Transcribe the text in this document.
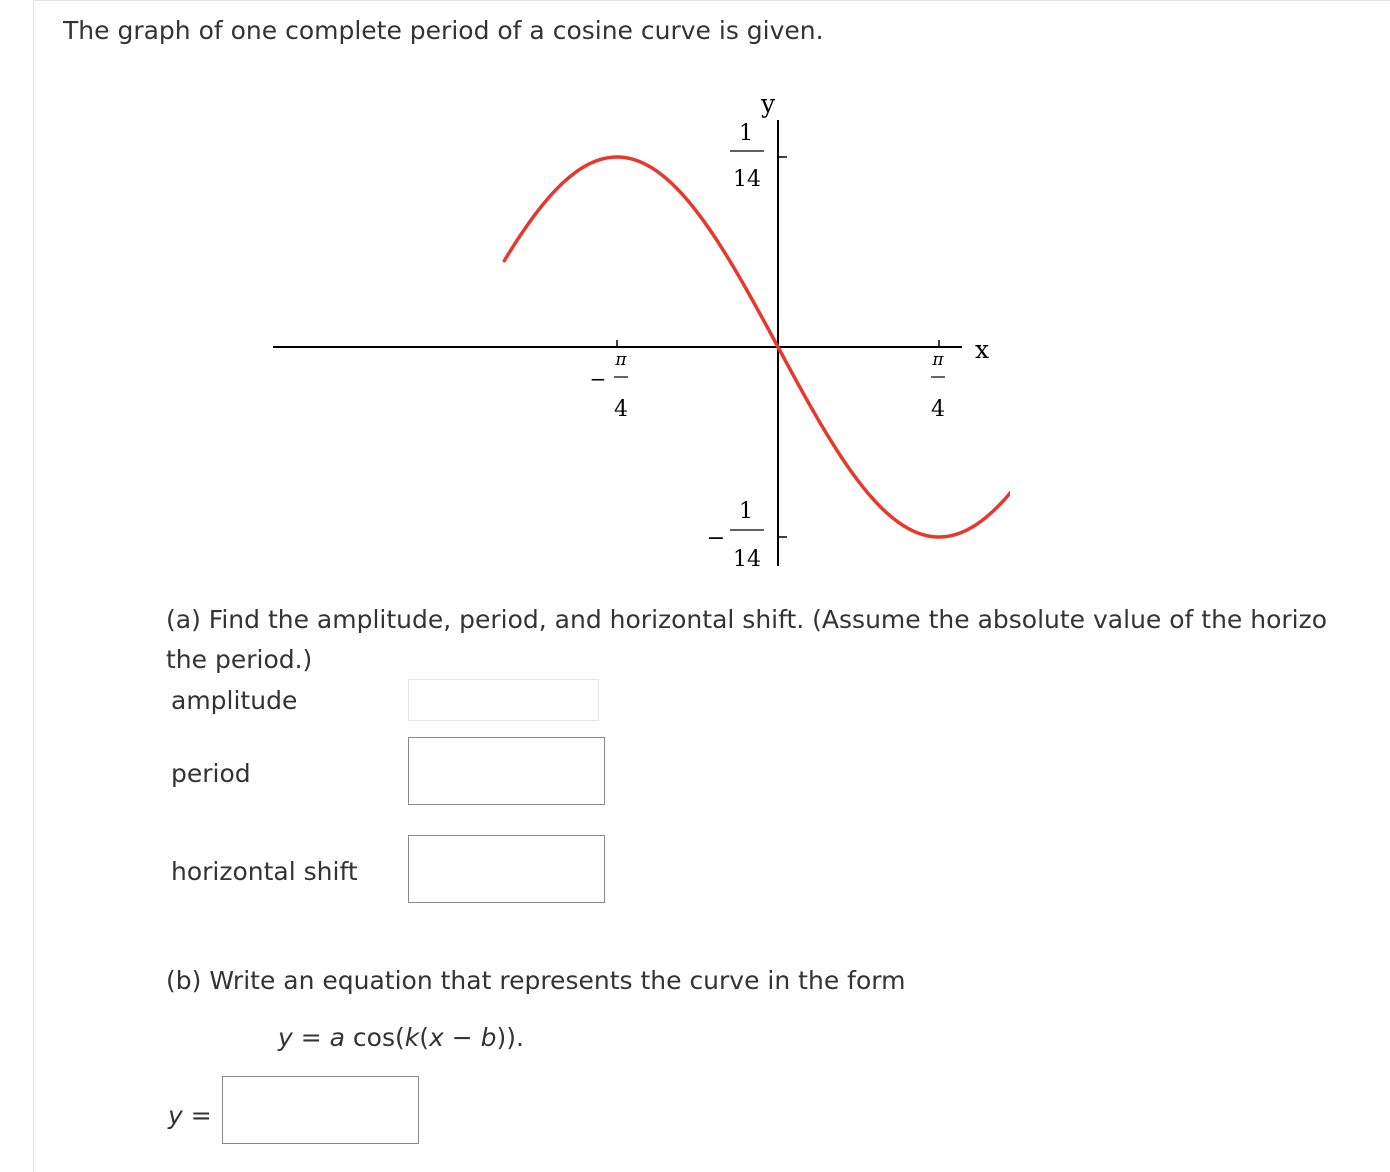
The graph of one complete period of a cosine curve is given.
y
x
1
14
−
1
14
−
π
4
π
4
(a) Find the amplitude, period, and horizontal shift. (Assume the absolute value of the horizo
the period.)
amplitude
period
horizontal shift
(b) Write an equation that represents the curve in the form
y = a cos(k(x − b)).
y =
